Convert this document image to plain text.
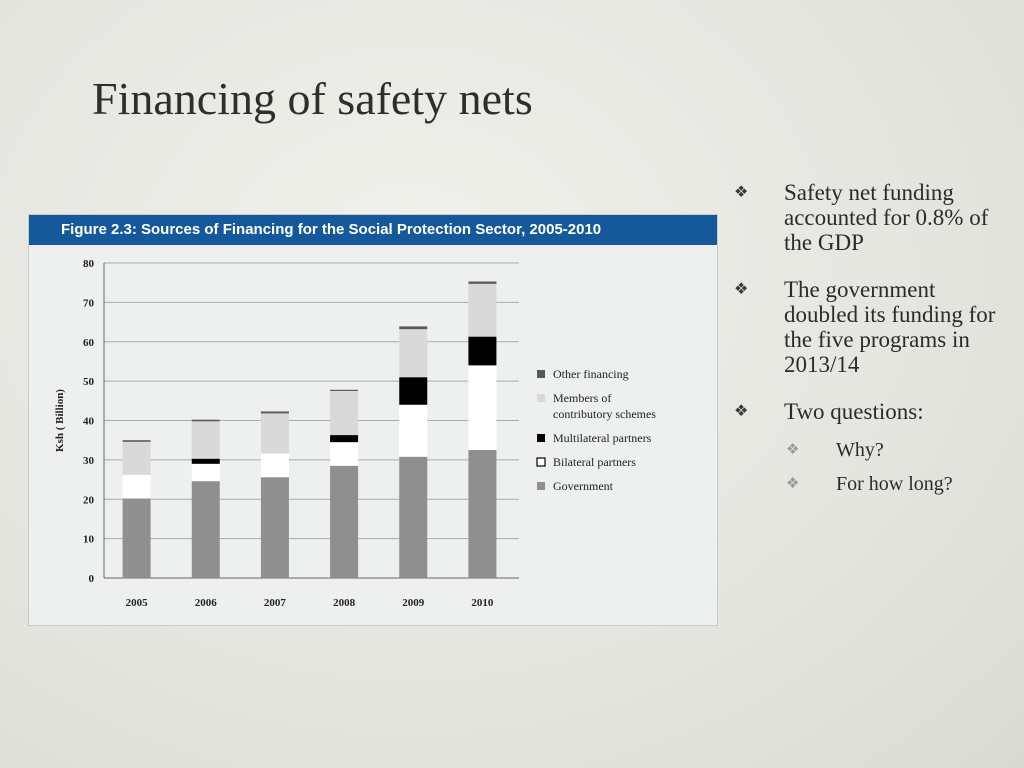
Financing of safety nets
Figure 2.3: Sources of Financing for the Social Protection Sector, 2005-2010
0
10
20
30
40
50
60
70
80
Ksh ( Billion)
2005	2006	2007	2008	2009	2010
Other financing
Members of contributory schemes
Multilateral partners
Bilateral partners
Government
❖ Safety net funding accounted for 0.8% of the GDP
❖ The government doubled its funding for the five programs in 2013/14
❖ Two questions:
❖ Why?
❖ For how long?
